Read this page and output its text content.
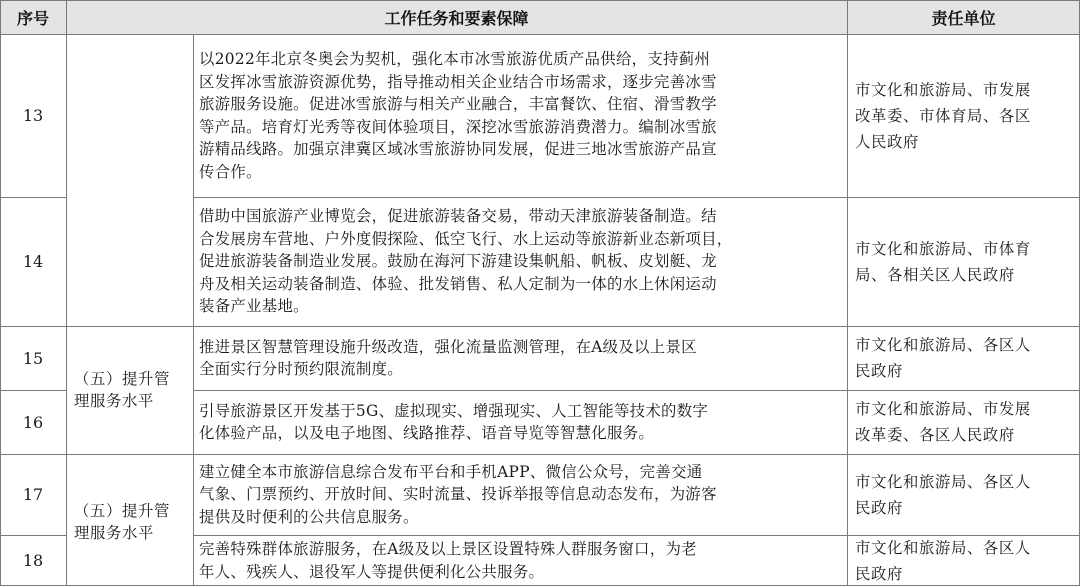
序号	工作任务和要素保障	责任单位
13
14
15
16
17
18
（五）提升管
理服务水平
（五）提升管
理服务水平
以2022年北京冬奥会为契机，强化本市冰雪旅游优质产品供给，支持蓟州
区发挥冰雪旅游资源优势，指导推动相关企业结合市场需求，逐步完善冰雪
旅游服务设施。促进冰雪旅游与相关产业融合，丰富餐饮、住宿、滑雪教学
等产品。培育灯光秀等夜间体验项目，深挖冰雪旅游消费潜力。编制冰雪旅
游精品线路。加强京津冀区域冰雪旅游协同发展，促进三地冰雪旅游产品宣
传合作。
借助中国旅游产业博览会，促进旅游装备交易，带动天津旅游装备制造。结
合发展房车营地、户外度假探险、低空飞行、水上运动等旅游新业态新项目，
促进旅游装备制造业发展。鼓励在海河下游建设集帆船、帆板、皮划艇、龙
舟及相关运动装备制造、体验、批发销售、私人定制为一体的水上休闲运动
装备产业基地。
推进景区智慧管理设施升级改造，强化流量监测管理，在A级及以上景区
全面实行分时预约限流制度。
引导旅游景区开发基于5G、虚拟现实、增强现实、人工智能等技术的数字
化体验产品，以及电子地图、线路推荐、语音导览等智慧化服务。
建立健全本市旅游信息综合发布平台和手机APP、微信公众号，完善交通
气象、门票预约、开放时间、实时流量、投诉举报等信息动态发布，为游客
提供及时便利的公共信息服务。
完善特殊群体旅游服务，在A级及以上景区设置特殊人群服务窗口，为老
年人、残疾人、退役军人等提供便利化公共服务。
市文化和旅游局、市发展
改革委、市体育局、各区
人民政府
市文化和旅游局、市体育
局、各相关区人民政府
市文化和旅游局、各区人
民政府
市文化和旅游局、市发展
改革委、各区人民政府
市文化和旅游局、各区人
民政府
市文化和旅游局、各区人
民政府
